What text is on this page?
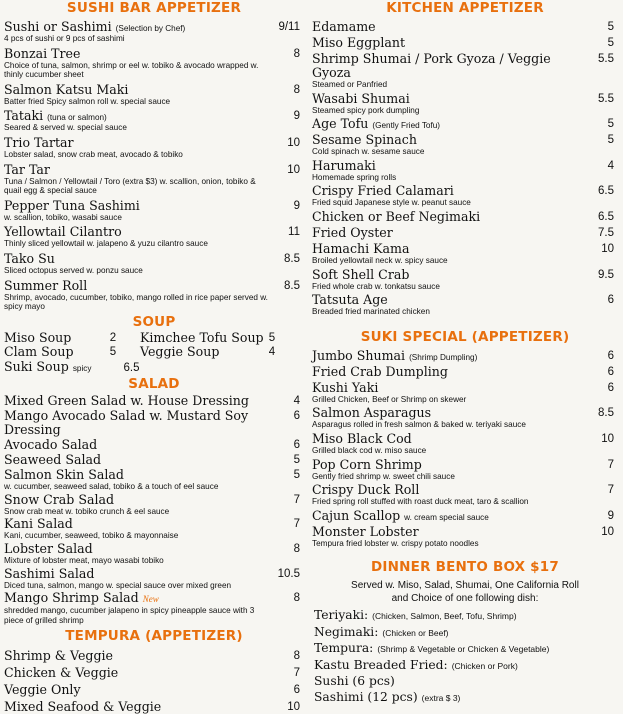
SUSHI BAR APPETIZER
Sushi or Sashimi (Selection by Chef)	9/11
4 pcs of sushi or 9 pcs of sashimi
Bonzai Tree	8
Choice of tuna, salmon, shrimp or eel w. tobiko & avocado wrapped w. thinly cucumber sheet
Salmon Katsu Maki	8
Batter fried Spicy salmon roll w. special sauce
Tataki (tuna or salmon)	9
Seared & served w. special sauce
Trio Tartar	10
Lobster salad, snow crab meat, avocado & tobiko
Tar Tar	10
Tuna / Salmon / Yellowtail / Toro (extra $3) w. scallion, onion, tobiko & quail egg & special sauce
Pepper Tuna Sashimi	9
w. scallion, tobiko, wasabi sauce
Yellowtail Cilantro	11
Thinly sliced yellowtail w. jalapeno & yuzu cilantro sauce
Tako Su	8.5
Sliced octopus served w. ponzu sauce
Summer Roll	8.5
Shrimp, avocado, cucumber, tobiko, mango rolled in rice paper served w. spicy mayo
SOUP
Miso Soup	2	Kimchee Tofu Soup 5
Clam Soup	5	Veggie Soup	4
Suki Soup spicy	6.5
SALAD
Mixed Green Salad w. House Dressing	4
Mango Avocado Salad w. Mustard Soy Dressing
6
Avocado Salad	6
Seaweed Salad	5
Salmon Skin Salad	5
w. cucumber, seaweed salad, tobiko & a touch of eel sauce
Snow Crab Salad	7
Snow crab meat w. tobiko crunch & eel sauce
Kani Salad	7
Kani, cucumber, seaweed, tobiko & mayonnaise
Lobster Salad	8
Mixture of lobster meat, mayo wasabi tobiko
Sashimi Salad	10.5
Diced tuna, salmon, mango w. special sauce over mixed green
Mango Shrimp Salad New	8
shredded mango, cucumber jalapeno in spicy pineapple sauce with 3 piece of grilled shrimp
TEMPURA (APPETIZER)
Shrimp & Veggie	8
Chicken & Veggie	7
Veggie Only	6
Mixed Seafood & Veggie	10
KITCHEN APPETIZER
Edamame	5
Miso Eggplant	5
Shrimp Shumai / Pork Gyoza / Veggie Gyoza
5.5
Steamed or Panfried
Wasabi Shumai	5.5
Steamed spicy pork dumpling
Age Tofu (Gently Fried Tofu)	5
Sesame Spinach	5
Cold spinach w. sesame sauce
Harumaki	4
Homemade spring rolls
Crispy Fried Calamari	6.5
Fried squid Japanese style w. peanut sauce
Chicken or Beef Negimaki	6.5
Fried Oyster	7.5
Hamachi Kama	10
Broiled yellowtail neck w. spicy sauce
Soft Shell Crab	9.5
Fried whole crab w. tonkatsu sauce
Tatsuta Age	6
Breaded fried marinated chicken
SUKI SPECIAL (APPETIZER)
Jumbo Shumai (Shrimp Dumpling)	6
Fried Crab Dumpling	6
Kushi Yaki	6
Grilled Chicken, Beef or Shrimp on skewer
Salmon Asparagus	8.5
Asparagus rolled in fresh salmon & baked w. teriyaki sauce
Miso Black Cod	10
Grilled black cod w. miso sauce
Pop Corn Shrimp	7
Gently fried shrimp w. sweet chili sauce
Crispy Duck Roll	7
Fried spring roll stuffed with roast duck meat, taro & scallion
Cajun Scallop w. cream special sauce	9
Monster Lobster	10
Tempura fried lobster w. crispy potato noodles
DINNER BENTO BOX $17
Served w. Miso, Salad, Shumai, One California Roll
and Choice of one following dish:
Teriyaki: (Chicken, Salmon, Beef, Tofu, Shrimp)
Negimaki: (Chicken or Beef)
Tempura: (Shrimp & Vegetable or Chicken & Vegetable)
Kastu Breaded Fried: (Chicken or Pork)
Sushi (6 pcs)
Sashimi (12 pcs) (extra $ 3)
